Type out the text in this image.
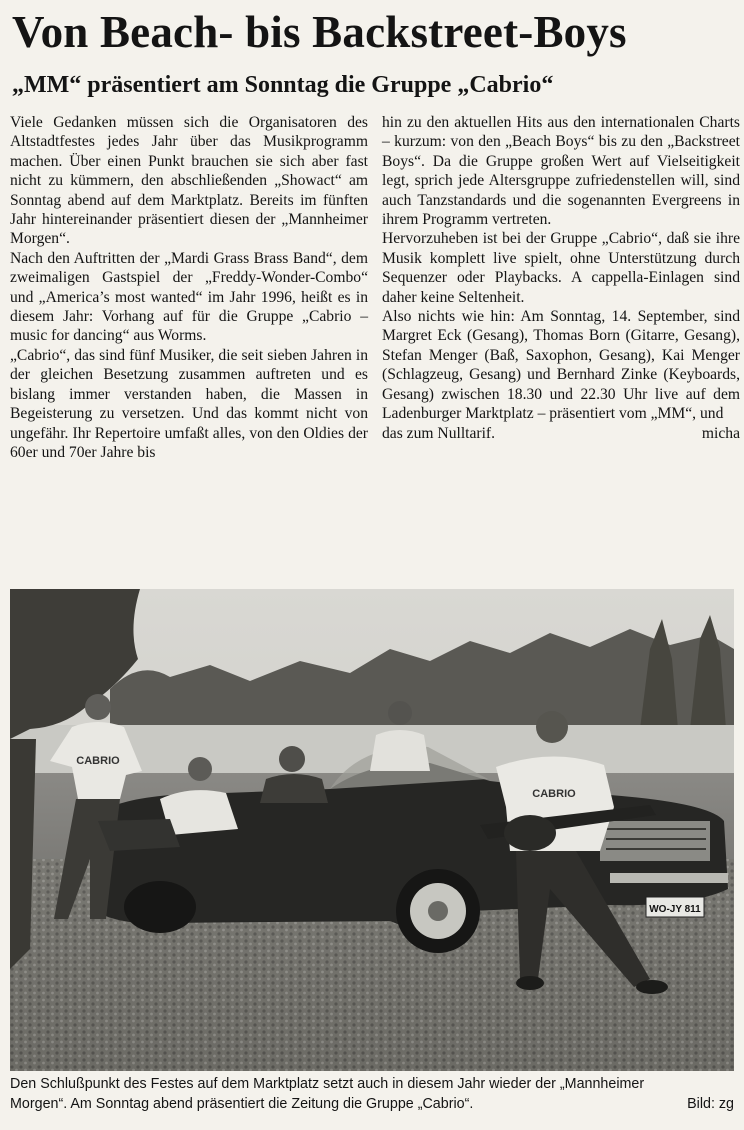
Von Beach- bis Backstreet-Boys
„MM“ präsentiert am Sonntag die Gruppe „Cabrio“

Viele Gedanken müssen sich die Organisatoren des Altstadtfestes jedes Jahr über das Musikprogramm machen. Über einen Punkt brauchen sie sich aber fast nicht zu kümmern, den abschließenden „Showact“ am Sonntag abend auf dem Marktplatz. Bereits im fünften Jahr hintereinander präsentiert diesen der „Mannheimer Morgen“.

Nach den Auftritten der „Mardi Grass Brass Band“, dem zweimaligen Gastspiel der „Freddy-Wonder-Combo“ und „America’s most wanted“ im Jahr 1996, heißt es in diesem Jahr: Vorhang auf für die Gruppe „Cabrio – music for dancing“ aus Worms.

„Cabrio“, das sind fünf Musiker, die seit sieben Jahren in der gleichen Besetzung zusammen auftreten und es bislang immer verstanden haben, die Massen in Begeisterung zu versetzen. Und das kommt nicht von ungefähr. Ihr Repertoire umfaßt alles, von den Oldies der 60er und 70er Jahre bis

hin zu den aktuellen Hits aus den internationalen Charts – kurzum: von den „Beach Boys“ bis zu den „Backstreet Boys“. Da die Gruppe großen Wert auf Vielseitigkeit legt, sprich jede Altersgruppe zufriedenstellen will, sind auch Tanzstandards und die sogenannten Evergreens in ihrem Programm vertreten.

Hervorzuheben ist bei der Gruppe „Cabrio“, daß sie ihre Musik komplett live spielt, ohne Unterstützung durch Sequenzer oder Playbacks. A cappella-Einlagen sind daher keine Seltenheit.

Also nichts wie hin: Am Sonntag, 14. September, sind Margret Eck (Gesang), Thomas Born (Gitarre, Gesang), Stefan Menger (Baß, Saxophon, Gesang), Kai Menger (Schlagzeug, Gesang) und Bernhard Zinke (Keyboards, Gesang) zwischen 18.30 und 22.30 Uhr live auf dem Ladenburger Marktplatz – präsentiert vom „MM“, und

das zum Nulltarif.	micha
WO-JY 811
CABRIO
CABRIO
Den Schlußpunkt des Festes auf dem Marktplatz setzt auch in diesem Jahr wieder der „Mannheimer Morgen“. Am Sonntag abend präsentiert die Zeitung die Gruppe „Cabrio“.	Bild: zg
